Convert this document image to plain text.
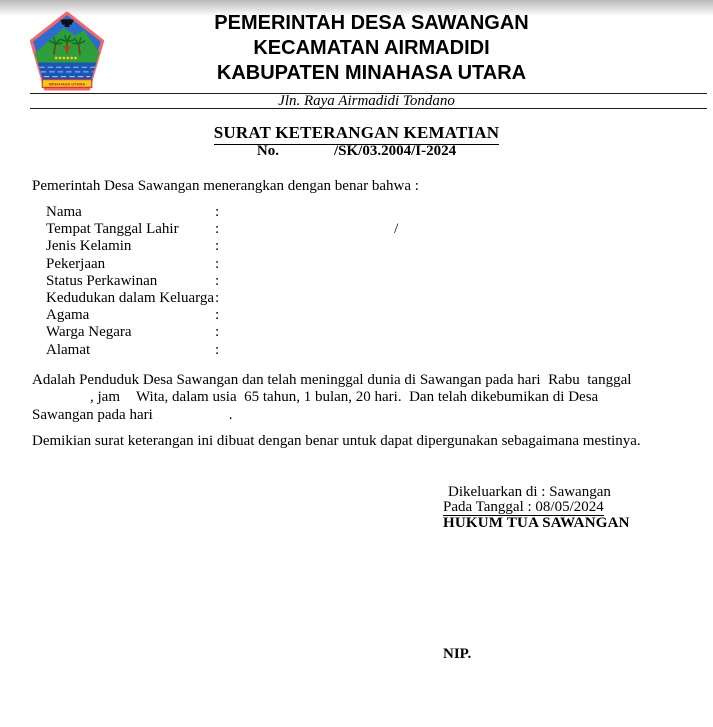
MINAHASA UTARA
PEMERINTAH DESA SAWANGAN
KECAMATAN AIRMADIDI
KABUPATEN MINAHASA UTARA
Jln. Raya Airmadidi Tondano
SURAT KETERANGAN KEMATIAN
No.	/SK/03.2004/I-2024
Pemerintah Desa Sawangan menerangkan dengan benar bahwa :
Nama	:
Tempat Tanggal Lahir :	/
Jenis Kelamin	:
Pekerjaan	:
Status Perkawinan	:
Kedudukan dalam Keluarga:
Agama	:
Warga Negara	:
Alamat	:
Adalah Penduduk Desa Sawangan dan telah meninggal dunia di Sawangan pada hari  Rabu  tanggal
, jam Wita, dalam usia  65 tahun, 1 bulan, 20 hari.  Dan telah dikebumikan di Desa
Sawangan pada hari	.
Demikian surat keterangan ini dibuat dengan benar untuk dapat dipergunakan sebagaimana mestinya.
Dikeluarkan di : Sawangan
Pada Tanggal : 08/05/2024
HUKUM TUA SAWANGAN
NIP.
